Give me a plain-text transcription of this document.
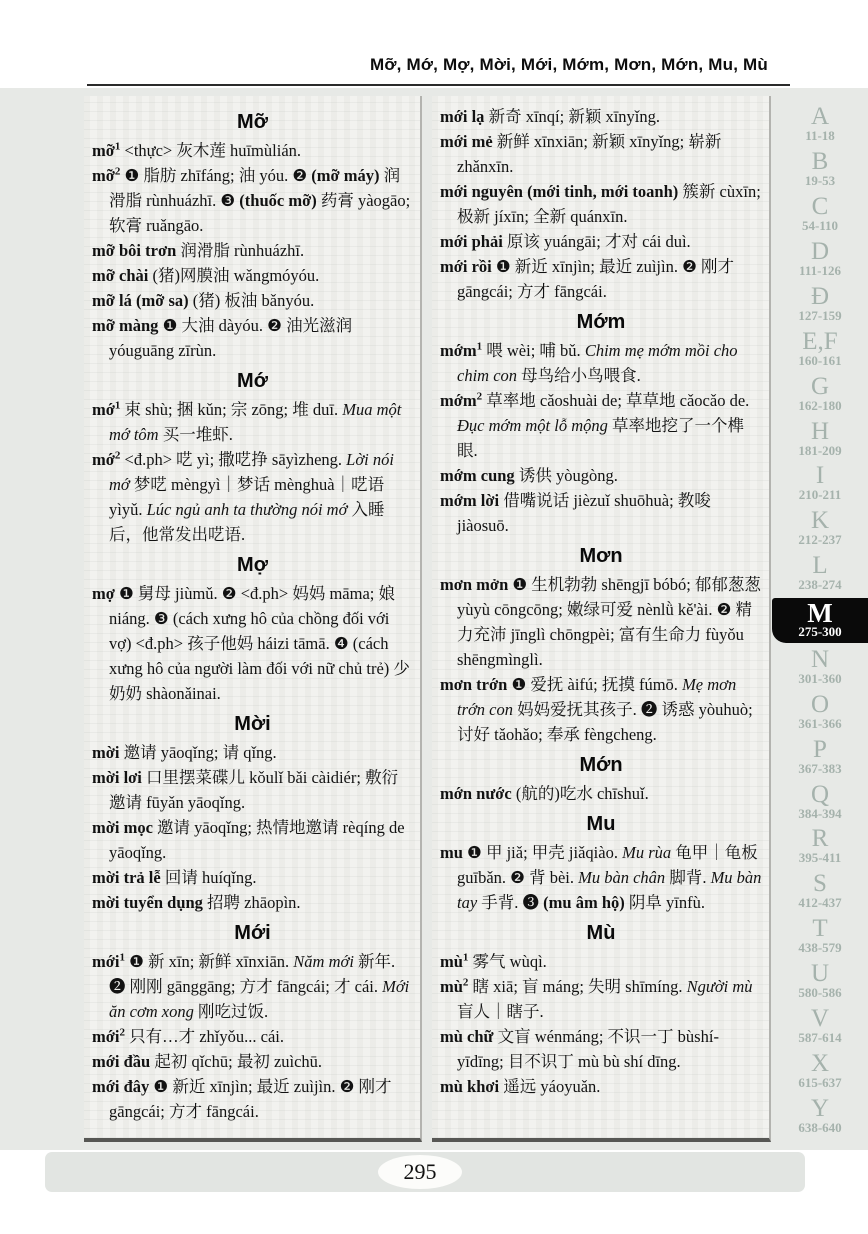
Mỡ, Mớ, Mợ, Mời, Mới, Mớm, Mơn, Mớn, Mu, Mù
Mỡ

mỡ$^1$ <thực> 灰木莲 huīmùlián.

mỡ$^2$ ❶ 脂肪 zhīfáng; 油 yóu. ❷ (mỡ máy) 润滑脂 rùnhuázhī. ❸ (thuốc mỡ) 药膏 yàogāo; 软膏 ruǎngāo.

mỡ bôi trơn 润滑脂 rùnhuázhī.

mỡ chài (猪)网膜油 wǎngmóyóu.

mỡ lá (mỡ sa) (猪) 板油 bǎnyóu.

mỡ màng ❶ 大油 dàyóu. ❷ 油光滋润 yóuguāng zīrùn.

Mớ

mớ$^1$ 束 shù; 捆 kǔn; 宗 zōng; 堆 duī. Mua một mớ tôm 买一堆虾.

mớ$^2$ <đ.ph> 呓 yì; 撒呓挣 sāyìzheng. Lời nói mớ 梦呓 mèngyì｜梦话 mènghuà｜呓语 yìyǔ. Lúc ngủ anh ta thường nói mớ 入睡后，他常发出呓语.

Mợ

mợ ❶ 舅母 jiùmǔ. ❷ <đ.ph> 妈妈 māma; 娘 niáng. ❸ (cách xưng hô của chồng đối với vợ) <đ.ph> 孩子他妈 háizi tāmā. ❹ (cách xưng hô của người làm đối với nữ chủ trẻ) 少奶奶 shàonǎinai.

Mời

mời 邀请 yāoqǐng; 请 qǐng.

mời lơi 口里摆菜碟儿 kǒulǐ bǎi càidiér; 敷衍邀请 fūyǎn yāoqǐng.

mời mọc 邀请 yāoqǐng; 热情地邀请 rèqíng de yāoqǐng.

mời trả lễ 回请 huíqǐng.

mời tuyển dụng 招聘 zhāopìn.

Mới

mới$^1$ ❶ 新 xīn; 新鲜 xīnxiān. Năm mới 新年. ❷ 刚刚 gānggāng; 方才 fāngcái; 才 cái. Mới ăn cơm xong 刚吃过饭.

mới$^2$ 只有…才 zhǐyǒu... cái.

mới đầu 起初 qǐchū; 最初 zuìchū.

mới đây ❶ 新近 xīnjìn; 最近 zuìjìn. ❷ 刚才 gāngcái; 方才 fāngcái.

mới lạ 新奇 xīnqí; 新颖 xīnyǐng.

mới mẻ 新鲜 xīnxiān; 新颖 xīnyǐng; 崭新 zhǎnxīn.

mới nguyên (mới tinh, mới toanh) 簇新 cùxīn; 极新 jíxīn; 全新 quánxīn.

mới phải 原该 yuángāi; 才对 cái duì.

mới rồi ❶ 新近 xīnjìn; 最近 zuìjìn. ❷ 刚才 gāngcái; 方才 fāngcái.

Mớm

mớm$^1$ 喂 wèi; 哺 bǔ. Chim mẹ mớm mồi cho chim con 母鸟给小鸟喂食.

mớm$^2$ 草率地 cǎoshuài de; 草草地 cǎocǎo de. Đục mớm một lỗ mộng 草率地挖了一个榫眼.

mớm cung 诱供 yòugòng.

mớm lời 借嘴说话 jièzuǐ shuōhuà; 教唆 jiàosuō.

Mơn

mơn mởn ❶ 生机勃勃 shēngjī bóbó; 郁郁葱葱 yùyù cōngcōng; 嫩绿可爱 nènlǜ kě'ài. ❷ 精力充沛 jīnglì chōngpèi; 富有生命力 fùyǒu shēngmìnglì.

mơn trớn ❶ 爱抚 àifú; 抚摸 fúmō. Mẹ mơn trớn con 妈妈爱抚其孩子. ❷ 诱惑 yòuhuò; 讨好 tǎohǎo; 奉承 fèngcheng.

Mớn

mớn nước (航的)吃水 chīshuǐ.

Mu

mu ❶ 甲 jiǎ; 甲壳 jiǎqiào. Mu rùa 龟甲｜龟板 guībǎn. ❷ 背 bèi. Mu bàn chân 脚背. Mu bàn tay 手背. ❸ (mu âm hộ) 阴阜 yīnfù.

Mù

$mù^1$ 雾气 wùqì.

$mù^2$ 瞎 xiā; 盲 máng; 失明 shīmíng. Người mù 盲人｜瞎子.

mù chữ 文盲 wénmáng; 不识一丁 bùshí-yīdīng; 目不识丁 mù bù shí dīng.

mù khơi 遥远 yáoyuǎn.

A
11-18
B
19-53
C
54-110
D
111-126
Đ
127-159
E,F
160-161
G
162-180
H
181-209
I
210-211
K
212-237
L
238-274
M
275-300
N
301-360
O
361-366
P
367-383
Q
384-394
R
395-411
S
412-437
T
438-579
U
580-586
V
587-614
X
615-637
Y
638-640
295
